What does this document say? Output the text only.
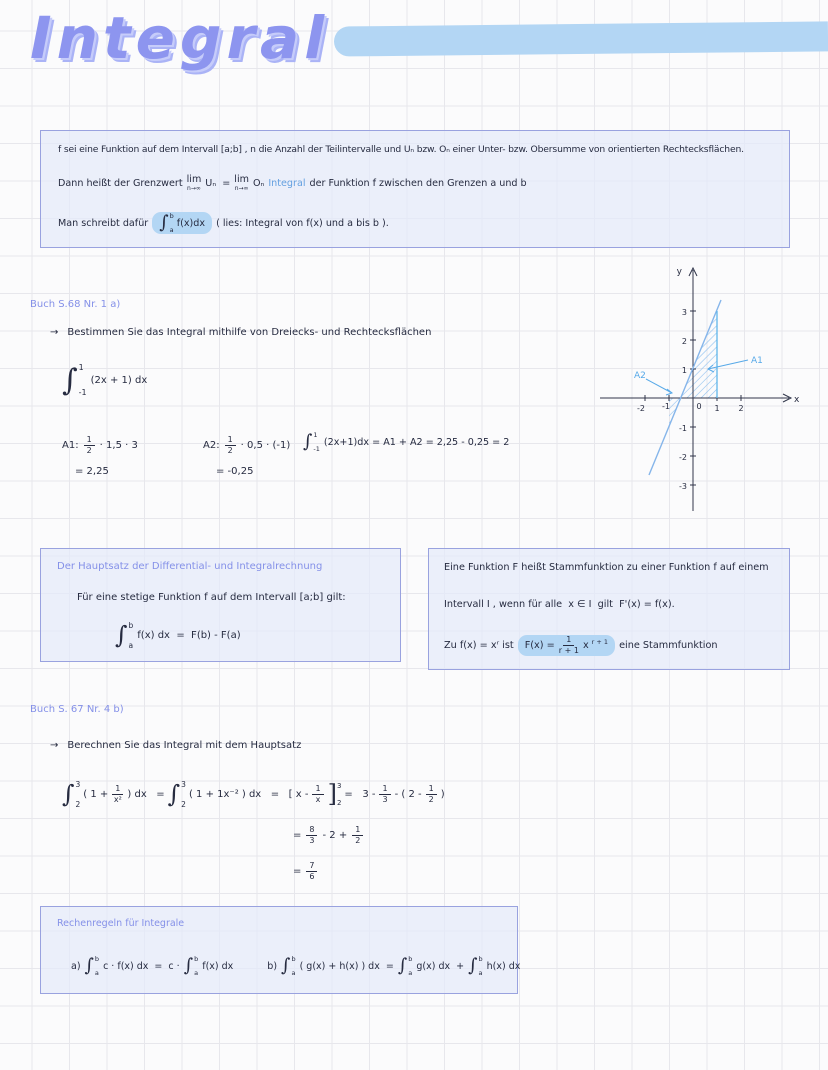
Integral
f sei eine Funktion auf dem Intervall [a;b] , n die Anzahl der Teilintervalle und Uₙ bzw. Oₙ einer Unter- bzw. Obersumme von orientierten Rechtecksflächen.
Dann heißt der Grenzwert lim
n→∞ Uₙ  = lim
n→∞ Oₙ Integral der Funktion f zwischen den Grenzen a und b
Man schreibt dafür ∫ b
a
f(x)dx ( lies: Integral von f(x) und a bis b ).
Buch S.68 Nr. 1 a)
→ Bestimmen Sie das Integral mithilfe von Dreiecks- und Rechtecksflächen
∫ 1
-1
(2x + 1) dx
A1: $\frac{1}{2} \cdot 1,5 \cdot 3$
= 2,25
A2: $\frac{1}{2} \cdot 0,5 \cdot (-1)$
= -0,25
∫ 1
-1
(2x+1)dx = A1 + A2 = 2,25 - 0,25 = 2
y
x
-2 -1	0 1 2
3
2
1
-1
-2
-3
A2
A1
Der Hauptsatz der Differential- und Integralrechnung
Für eine stetige Funktion f auf dem Intervall [a;b] gilt:
∫ b
a
f(x) dx  =  F(b) - F(a)
Eine Funktion F heißt Stammfunktion zu einer Funktion f auf einem
Intervall I , wenn für alle  x ∈ I  gilt  F'(x) = f(x).
Zu f(x) = xʳ ist $F(x) = \frac{1}{r + 1}$ x r + 1 eine Stammfunktion
Buch S. 67 Nr. 4 b)
→ Berechnen Sie das Integral mit dem Hauptsatz
∫ 3
2
( $1 + \frac{1}{\text{x²}}$ ) dx   = ∫ 3
2
( 1 + 1x⁻² ) dx   =   [ x - $\frac{1}{x}$ ] 3
2
=   $3 - \frac{1}{3}$ - ( $2 - \frac{1}{2}$ )
= $\frac{8}{3} - 2 + \frac{1}{2}$
= $\frac{7}{6}$
Rechenregeln für Integrale
a) ∫ b
a
c · f(x) dx  =  c · ∫ b
a
f(x) dx	b) ∫ b
a
( g(x) + h(x) ) dx  = ∫ b
a
g(x) dx  + ∫ b
a
h(x) dx
